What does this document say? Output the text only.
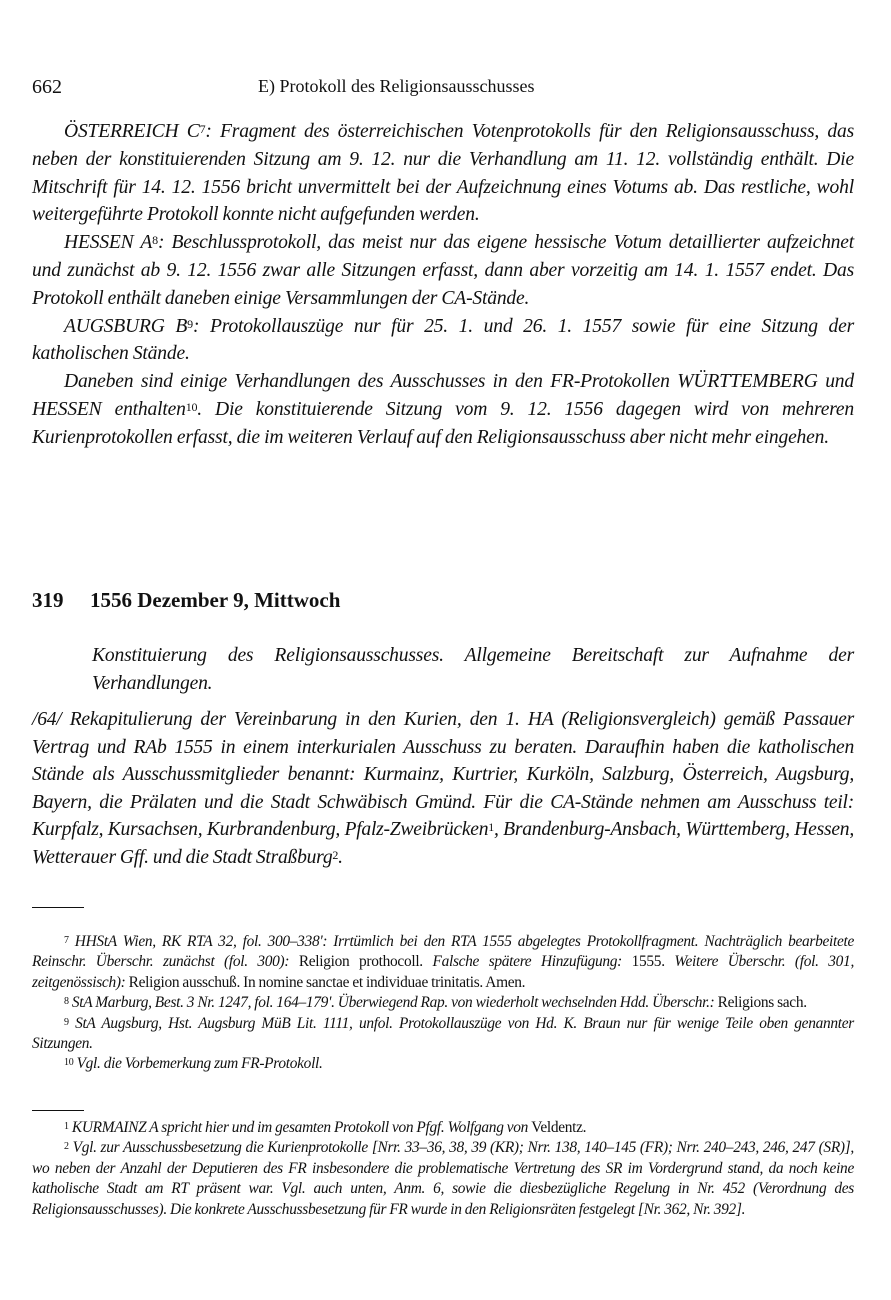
662	E) Protokoll des Religionsausschusses

ÖSTERREICH $C^7$: Fragment des österreichischen Votenprotokolls für den Religionsausschuss, das neben der konstituierenden Sitzung am 9. 12. nur die Verhandlung am 11. 12. vollständig enthält. Die Mitschrift für 14. 12. 1556 bricht unvermittelt bei der Aufzeichnung eines Votums ab. Das restliche, wohl weitergeführte Protokoll konnte nicht aufgefunden werden.

HESSEN $A^8$: Beschlussprotokoll, das meist nur das eigene hessische Votum detaillierter aufzeichnet und zunächst ab 9. 12. 1556 zwar alle Sitzungen erfasst, dann aber vorzeitig am 14. 1. 1557 endet. Das Protokoll enthält daneben einige Versammlungen der CA-Stände.

AUGSBURG $B^9$: Protokollauszüge nur für 25. 1. und 26. 1. 1557 sowie für eine Sitzung der katholischen Stände.

Daneben sind einige Verhandlungen des Ausschusses in den FR-Protokollen WÜRTTEMBERG und HESSEN enthalten$^{10}$. Die konstituierende Sitzung vom 9. 12. 1556 dagegen wird von mehreren Kurienprotokollen erfasst, die im weiteren Verlauf auf den Religionsausschuss aber nicht mehr eingehen.

319 1556 Dezember 9, Mittwoch
Konstituierung des Religionsausschusses. Allgemeine Bereitschaft zur Aufnahme der Verhandlungen.
/64/ Rekapitulierung der Vereinbarung in den Kurien, den 1. HA (Religionsvergleich) gemäß Passauer Vertrag und RAb 1555 in einem interkurialen Ausschuss zu beraten. Daraufhin haben die katholischen Stände als Ausschussmitglieder benannt: Kurmainz, Kurtrier, Kurköln, Salzburg, Österreich, Augsburg, Bayern, die Prälaten und die Stadt Schwäbisch Gmünd. Für die CA-Stände nehmen am Ausschuss teil: Kurpfalz, Kursachsen, Kurbrandenburg, Pfalz-Zweibrücken$^1$, Brandenburg-Ansbach, Württemberg, Hessen, Wetterauer Gff. und die Stadt Straßburg$^2$.

$^7$ HHStA Wien, RK RTA 32, fol. 300–338': Irrtümlich bei den RTA 1555 abgelegtes Protokollfragment. Nachträglich bearbeitete Reinschr. Überschr. zunächst (fol. 300): Religion prothocoll. Falsche spätere Hinzufügung: 1555. Weitere Überschr. (fol. 301, zeitgenössisch): Religion ausschuß. In nomine sanctae et individuae trinitatis. Amen.

$^8$ StA Marburg, Best. 3 Nr. 1247, fol. 164–179'. Überwiegend Rap. von wiederholt wechselnden Hdd. Überschr.: Religions sach.

$^9$ StA Augsburg, Hst. Augsburg MüB Lit. 1111, unfol. Protokollauszüge von Hd. K. Braun nur für wenige Teile oben genannter Sitzungen.

$^{10}$ Vgl. die Vorbemerkung zum FR-Protokoll.

$^1$ KURMAINZ A spricht hier und im gesamten Protokoll von Pfgf. Wolfgang von Veldentz.

$^2$ Vgl. zur Ausschussbesetzung die Kurienprotokolle [Nrr. 33–36, 38, 39 (KR); Nrr. 138, 140–145 (FR); Nrr. 240–243, 246, 247 (SR)], wo neben der Anzahl der Deputieren des FR insbesondere die problematische Vertretung des SR im Vordergrund stand, da noch keine katholische Stadt am RT präsent war. Vgl. auch unten, Anm. 6, sowie die diesbezügliche Regelung in Nr. 452 (Verordnung des Religionsausschusses). Die konkrete Ausschussbesetzung für FR wurde in den Religionsräten festgelegt [Nr. 362, Nr. 392].
